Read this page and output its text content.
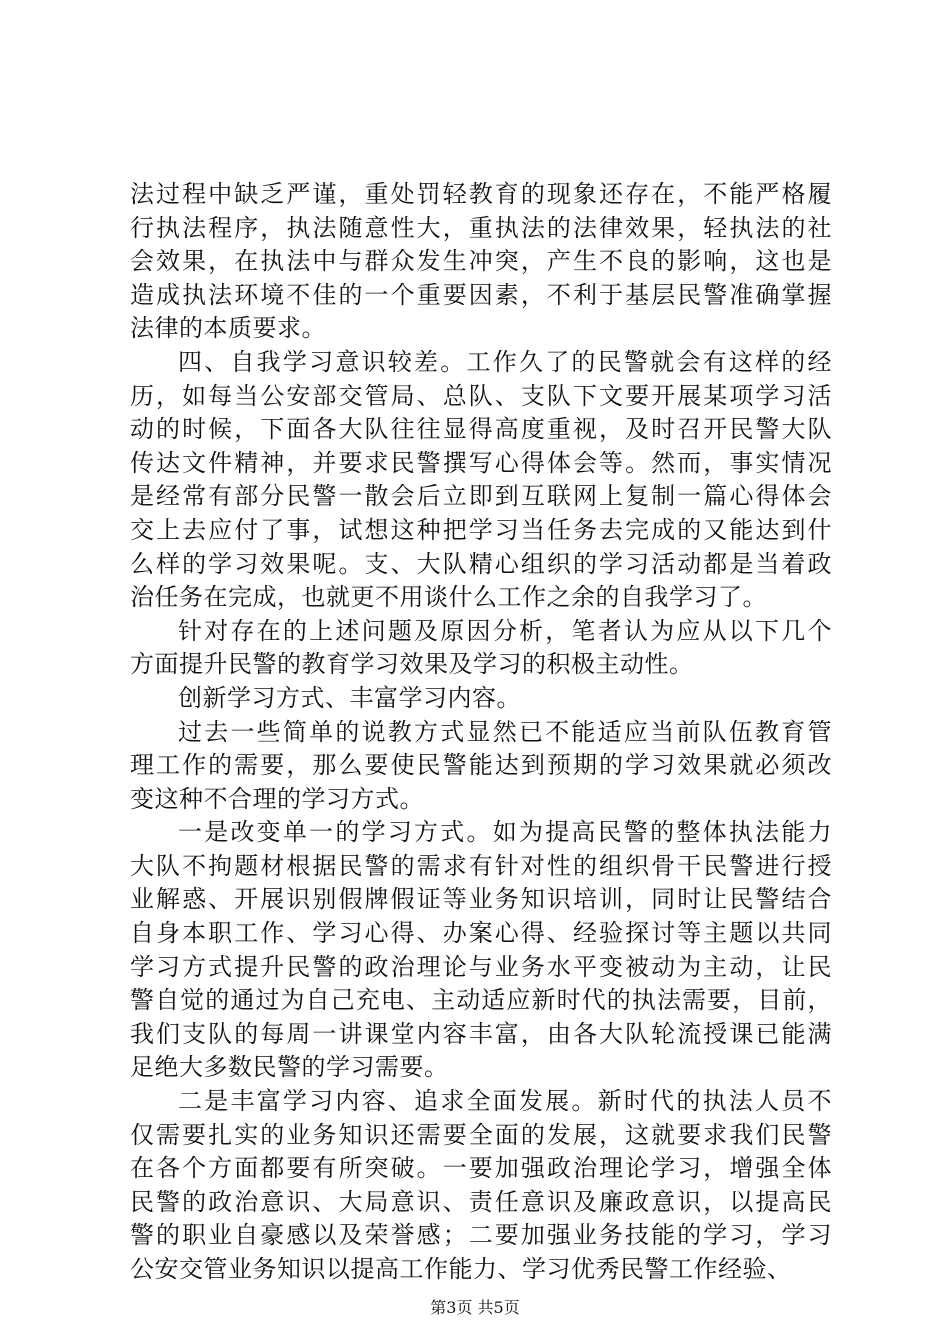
法过程中缺乏严谨，重处罚轻教育的现象还存在，不能严格履
行执法程序，执法随意性大，重执法的法律效果，轻执法的社
会效果，在执法中与群众发生冲突，产生不良的影响，这也是
造成执法环境不佳的一个重要因素，不利于基层民警准确掌握
法律的本质要求。
四、自我学习意识较差。工作久了的民警就会有这样的经
历，如每当公安部交管局、总队、支队下文要开展某项学习活
动的时候，下面各大队往往显得高度重视，及时召开民警大队
传达文件精神，并要求民警撰写心得体会等。然而，事实情况
是经常有部分民警一散会后立即到互联网上复制一篇心得体会
交上去应付了事，试想这种把学习当任务去完成的又能达到什
么样的学习效果呢。支、大队精心组织的学习活动都是当着政
治任务在完成，也就更不用谈什么工作之余的自我学习了。
针对存在的上述问题及原因分析，笔者认为应从以下几个
方面提升民警的教育学习效果及学习的积极主动性。
创新学习方式、丰富学习内容。
过去一些简单的说教方式显然已不能适应当前队伍教育管
理工作的需要，那么要使民警能达到预期的学习效果就必须改
变这种不合理的学习方式。
一是改变单一的学习方式。如为提高民警的整体执法能力
大队不拘题材根据民警的需求有针对性的组织骨干民警进行授
业解惑、开展识别假牌假证等业务知识培训，同时让民警结合
自身本职工作、学习心得、办案心得、经验探讨等主题以共同
学习方式提升民警的政治理论与业务水平变被动为主动，让民
警自觉的通过为自己充电、主动适应新时代的执法需要，目前，
我们支队的每周一讲课堂内容丰富，由各大队轮流授课已能满
足绝大多数民警的学习需要。
二是丰富学习内容、追求全面发展。新时代的执法人员不
仅需要扎实的业务知识还需要全面的发展，这就要求我们民警
在各个方面都要有所突破。一要加强政治理论学习，增强全体
民警的政治意识、大局意识、责任意识及廉政意识，以提高民
警的职业自豪感以及荣誉感；二要加强业务技能的学习，学习
公安交管业务知识以提高工作能力、学习优秀民警工作经验、
第3页 共5页
